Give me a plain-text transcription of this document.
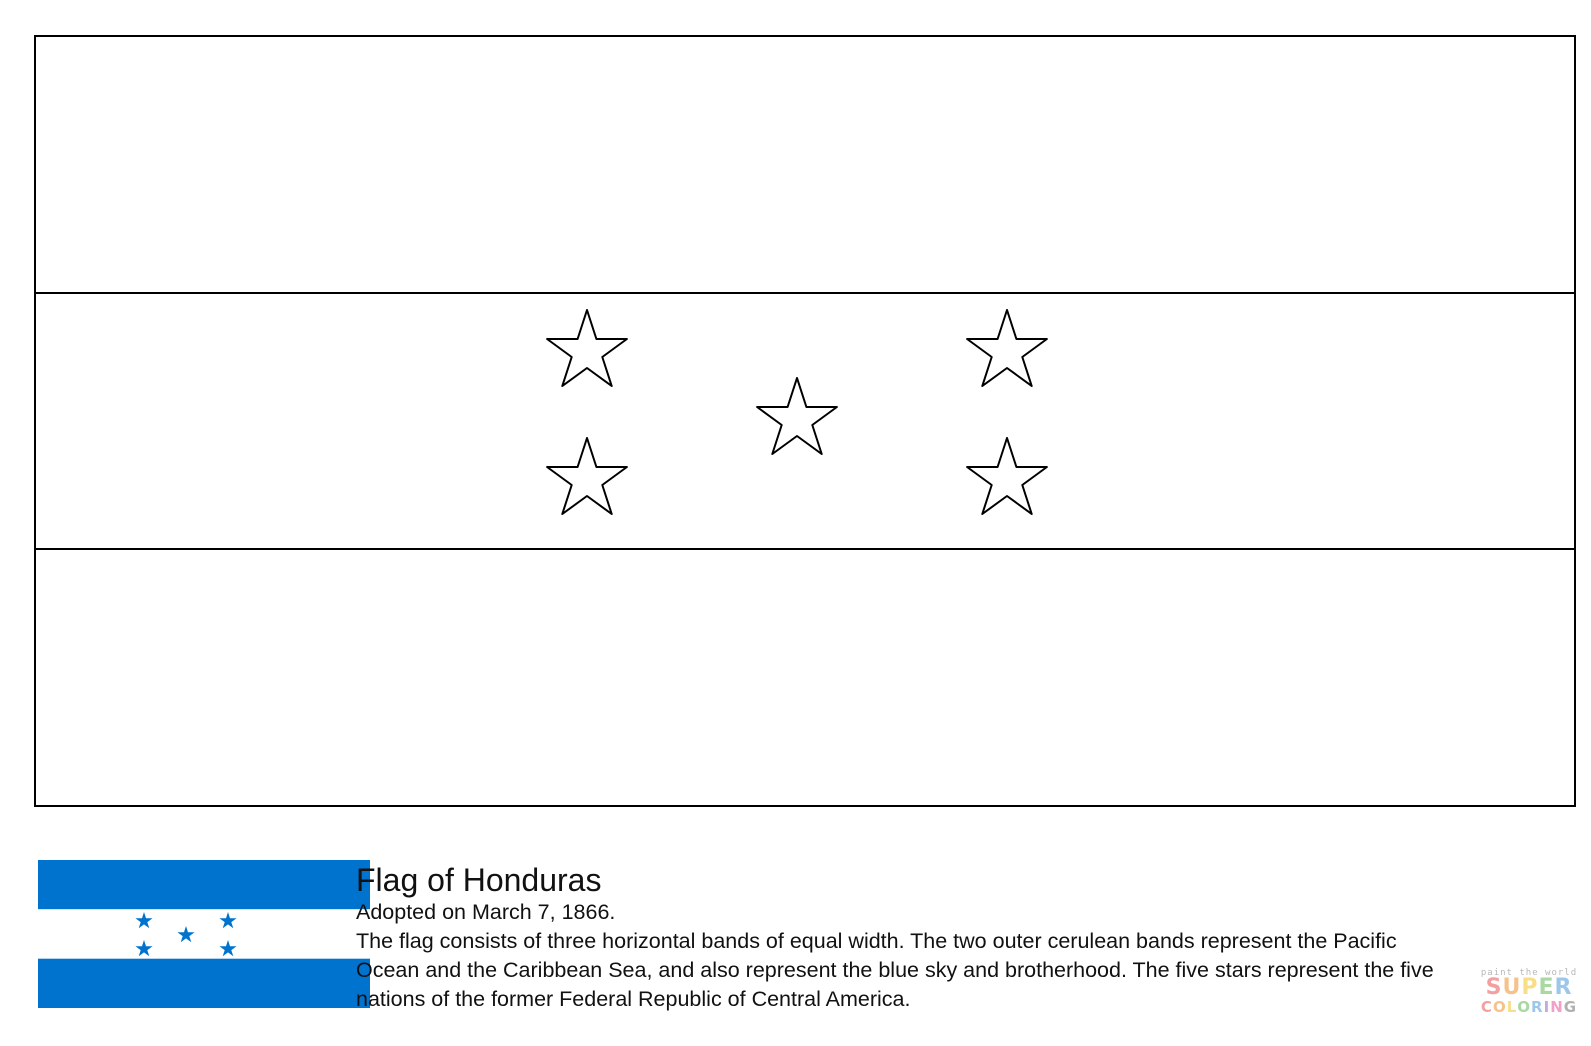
Flag of Honduras

Adopted on March 7, 1866.

The flag consists of three horizontal bands of equal width. The two outer cerulean bands represent the Pacific

Ocean and the Caribbean Sea, and also represent the blue sky and brotherhood. The five stars represent the five

nations of the former Federal Republic of Central America.

paint the world

SUPER

COLORING
